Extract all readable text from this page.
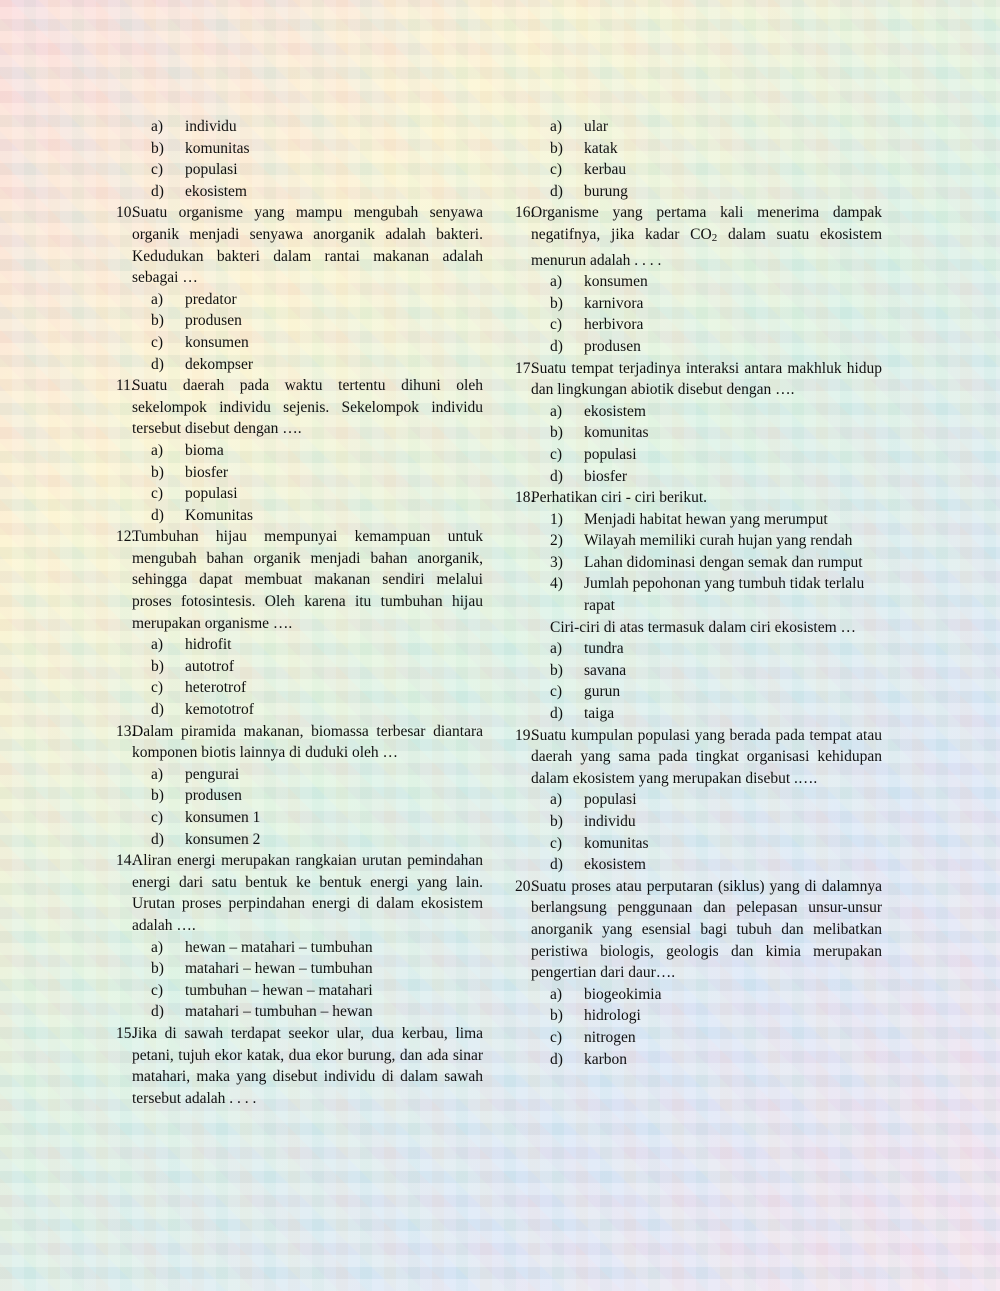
a)	individu
b)	komunitas
c)	populasi
d)	ekosistem
10.
Suatu organisme yang mampu mengubah senyawa organik menjadi senyawa anorganik adalah bakteri. Kedudukan bakteri dalam rantai makanan adalah sebagai …
a)	predator
b)	produsen
c)	konsumen
d)	dekompser
11.
Suatu daerah pada waktu tertentu dihuni oleh sekelompok individu sejenis. Sekelompok individu tersebut disebut dengan ….
a)	bioma
b)	biosfer
c)	populasi
d)	Komunitas
12.
Tumbuhan hijau mempunyai kemampuan untuk mengubah bahan organik menjadi bahan anorganik, sehingga dapat membuat makanan sendiri melalui proses fotosintesis. Oleh karena itu tumbuhan hijau merupakan organisme ….
a)	hidrofit
b)	autotrof
c)	heterotrof
d)	kemototrof
13.
Dalam piramida makanan, biomassa terbesar diantara komponen biotis lainnya di duduki oleh …
a)	pengurai
b)	produsen
c)	konsumen 1
d)	konsumen 2
14.
Aliran energi merupakan rangkaian urutan pemindahan energi dari satu bentuk ke bentuk energi yang lain. Urutan proses perpindahan energi di dalam ekosistem adalah ….
a)	hewan – matahari – tumbuhan
b)	matahari – hewan – tumbuhan
c)	tumbuhan – hewan – matahari
d)	matahari – tumbuhan – hewan
15.
Jika di sawah terdapat seekor ular, dua kerbau, lima petani, tujuh ekor katak, dua ekor burung, dan ada sinar matahari, maka yang disebut individu di dalam sawah tersebut adalah . . . .
a)	ular
b)	katak
c)	kerbau
d)	burung
16.
Organisme yang pertama kali menerima dampak negatifnya, jika kadar CO2 dalam suatu ekosistem menurun adalah . . . .
a)	konsumen
b)	karnivora
c)	herbivora
d)	produsen
17.
Suatu tempat terjadinya interaksi antara makhluk hidup dan lingkungan abiotik disebut dengan ….
a)	ekosistem
b)	komunitas
c)	populasi
d)	biosfer
18.
Perhatikan ciri - ciri berikut.
1)	Menjadi habitat hewan yang merumput
2)	Wilayah memiliki curah hujan yang rendah
3)	Lahan didominasi dengan semak dan rumput
4)	Jumlah pepohonan yang tumbuh tidak terlalu rapat
Ciri-ciri di atas termasuk dalam ciri ekosistem …
a)	tundra
b)	savana
c)	gurun
d)	taiga
19.
Suatu kumpulan populasi yang berada pada tempat atau daerah yang sama pada tingkat organisasi kehidupan dalam ekosistem yang merupakan disebut .….
a)	populasi
b)	individu
c)	komunitas
d)	ekosistem
20.
Suatu proses atau perputaran (siklus) yang di dalamnya berlangsung penggunaan dan pelepasan unsur-unsur anorganik yang esensial bagi tubuh dan melibatkan peristiwa biologis, geologis dan kimia merupakan pengertian dari daur….
a)	biogeokimia
b)	hidrologi
c)	nitrogen
d)	karbon
